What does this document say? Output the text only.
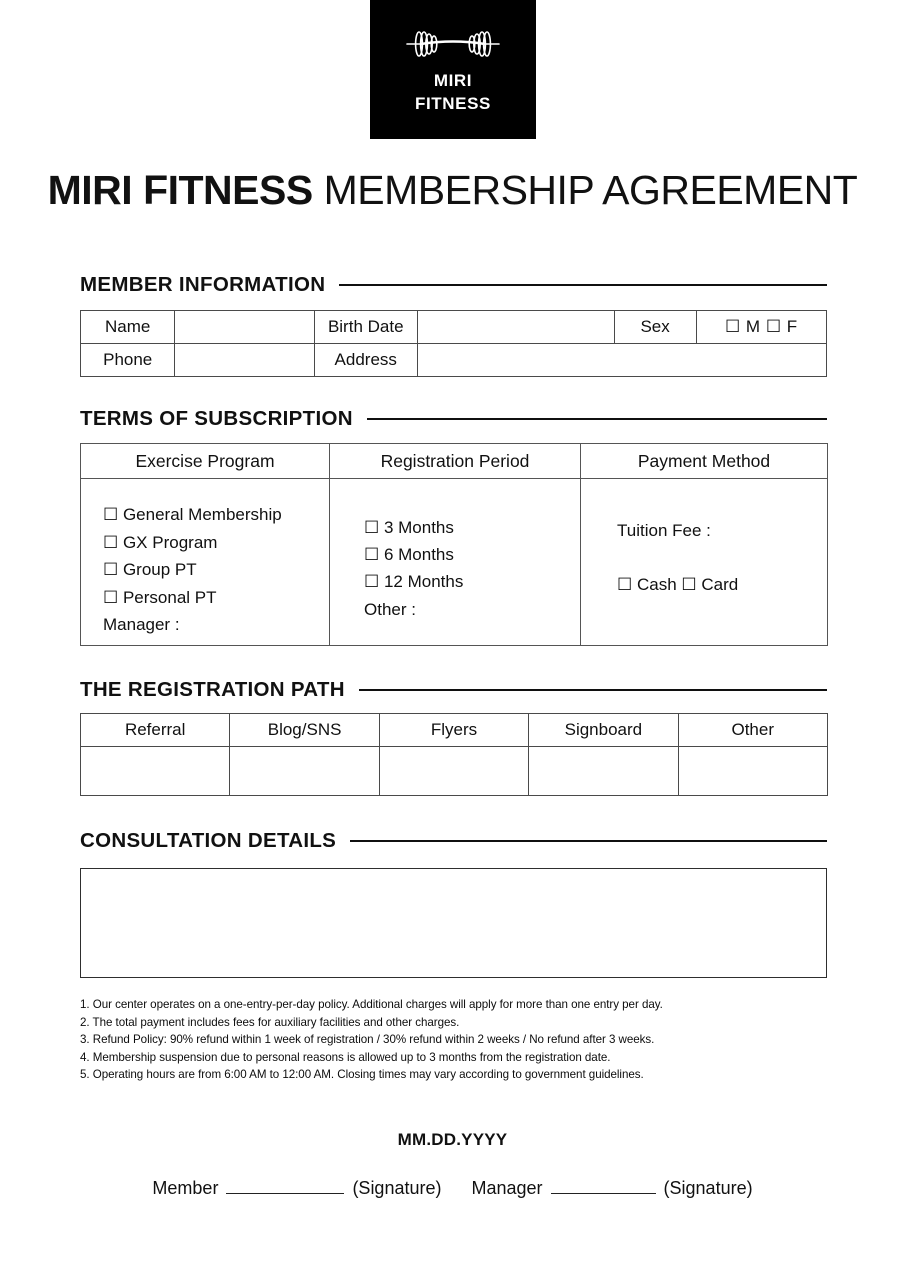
MIRI
FITNESS
MIRI FITNESS MEMBERSHIP AGREEMENT
MEMBER INFORMATION
Name		Birth Date		Sex	☐ M ☐ F
Phone		Address			
TERMS OF SUBSCRIPTION
Exercise Program	Registration Period	Payment Method

☐ General Membership
☐ GX Program
☐ Group PT
☐ Personal PT
Manager :

☐ 3 Months
☐ 6 Months
☐ 12 Months
Other :

Tuition Fee :
☐ Cash ☐ Card
THE REGISTRATION PATH
Referral	Blog/SNS	Flyers	Signboard	Other

CONSULTATION DETAILS
1. Our center operates on a one-entry-per-day policy. Additional charges will apply for more than one entry per day.
2. The total payment includes fees for auxiliary facilities and other charges.
3. Refund Policy: 90% refund within 1 week of registration / 30% refund within 2 weeks / No refund after 3 weeks.
4. Membership suspension due to personal reasons is allowed up to 3 months from the registration date.
5. Operating hours are from 6:00 AM to 12:00 AM. Closing times may vary according to government guidelines.
MM.DD.YYYY
Member	(Signature) Manager	(Signature)
